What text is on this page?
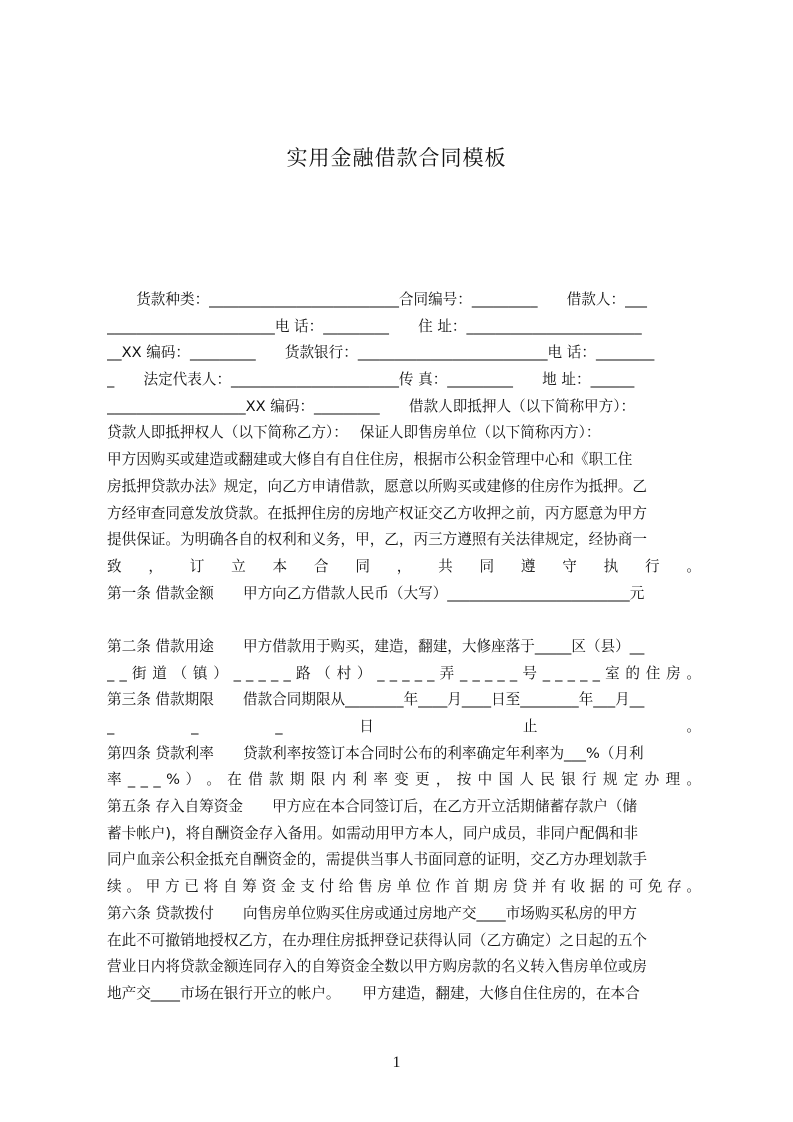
实用金融借款合同模板
　　货款种类：__________________________合同编号：_________　　借款人：___
_______________________电 话：_________　　住 址：________________________
__XX 编码：_________　　货款银行：__________________________电 话：________
_　　法定代表人：_______________________传 真：_________　　地 址：______
___________________XX 编码：_________　　借款人即抵押人（以下简称甲方）：
贷款人即抵押权人（以下简称乙方）：　 保证人即售房单位（以下简称丙方）：
甲方因购买或建造或翻建或大修自有自住住房，根据市公积金管理中心和《职工住
房抵押贷款办法》规定，向乙方申请借款，愿意以所购买或建修的住房作为抵押。乙
方经审查同意发放贷款。在抵押住房的房地产权证交乙方收押之前，丙方愿意为甲方
提供保证。为明确各自的权利和义务，甲，乙，丙三方遵照有关法律规定，经协商一
致 ， 订 立 本 合 同 ， 共 同 遵 守 执 行 。
第一条 借款金额　　甲方向乙方借款人民币（大写）_________________________元
第二条 借款用途　　甲方借款用于购买，建造，翻建，大修座落于_____区（县）__
_ _ 街 道 （ 镇 ） _ _ _ _ _ 路 （ 村 ） _ _ _ _ _ 弄 _ _ _ _ _ 号 _ _ _ _ _ 室 的 住 房 。
第三条 借款期限　　借款合同期限从________年____月____日至________年___月__
_ _ _ 日 止 。
第四条 贷款利率　　贷款利率按签订本合同时公布的利率确定年利率为___%（月利
率 _ _ _ % ） 。 在 借 款 期 限 内 利 率 变 更 ， 按 中 国 人 民 银 行 规 定 办 理 。
第五条 存入自筹资金　　甲方应在本合同签订后，在乙方开立活期储蓄存款户（储
蓄卡帐户)，将自酬资金存入备用。如需动用甲方本人，同户成员，非同户配偶和非
同户血亲公积金抵充自酬资金的，需提供当事人书面同意的证明，交乙方办理划款手
续 。 甲 方 已 将 自 筹 资 金 支 付 给 售 房 单 位 作 首 期 房 贷 并 有 收 据 的 可 免 存 。
第六条 贷款拨付　　向售房单位购买住房或通过房地产交____市场购买私房的甲方
在此不可撤销地授权乙方，在办理住房抵押登记获得认同（乙方确定）之日起的五个
营业日内将贷款金额连同存入的自筹资金全数以甲方购房款的名义转入售房单位或房
地产交____市场在银行开立的帐户。　　甲方建造，翻建，大修自住住房的，在本合
1
